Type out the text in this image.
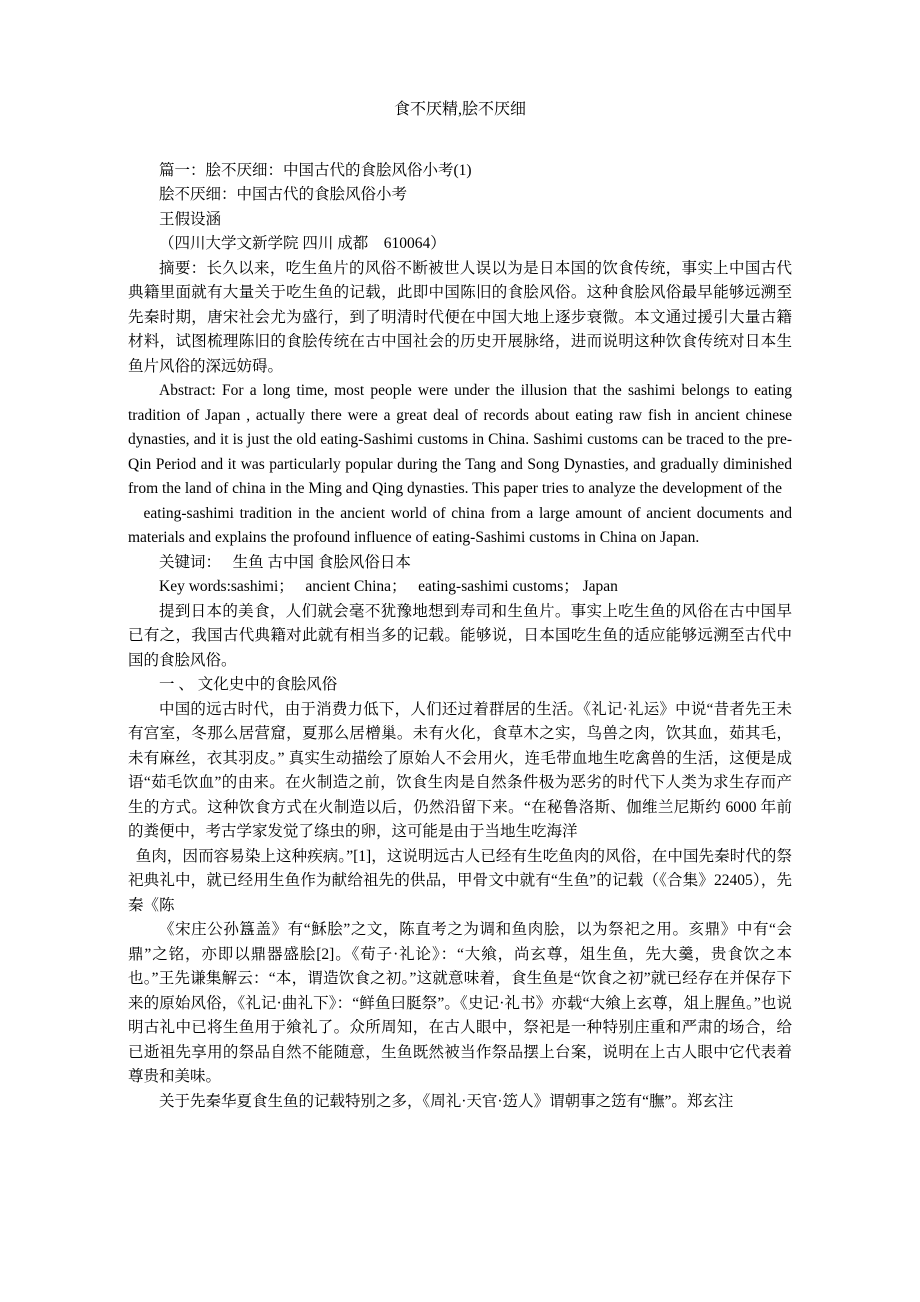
食不厌精,脍不厌细

篇一：脍不厌细：中国古代的食脍风俗小考(1)

脍不厌细：中国古代的食脍风俗小考

王假设涵

（四川大学文新学院 四川 成都　610064）

摘要：长久以来，吃生鱼片的风俗不断被世人误以为是日本国的饮食传统，事实上中国古代典籍里面就有大量关于吃生鱼的记载，此即中国陈旧的食脍风俗。这种食脍风俗最早能够远溯至先秦时期，唐宋社会尤为盛行，到了明清时代便在中国大地上逐步衰微。本文通过援引大量古籍材料，试图梳理陈旧的食脍传统在古中国社会的历史开展脉络，进而说明这种饮食传统对日本生鱼片风俗的深远妨碍。

Abstract: For a long time, most people were under the illusion that the sashimi belongs to eating tradition of Japan , actually there were a great deal of records about eating raw fish in ancient chinese dynasties, and it is just the old eating-Sashimi customs in China. Sashimi customs can be traced to the pre-Qin Period and it was particularly popular during the Tang and Song Dynasties, and gradually diminished from the land of china in the Ming and Qing dynasties. This paper tries to analyze the development of the

eating-sashimi tradition in the ancient world of china from a large amount of ancient documents and materials and explains the profound influence of eating-Sashimi customs in China on Japan.

关键词：　 生鱼 古中国 食脍风俗日本

Key words:sashimi；　 ancient China；　 eating-sashimi customs； Japan

提到日本的美食，人们就会毫不犹豫地想到寿司和生鱼片。事实上吃生鱼的风俗在古中国早已有之，我国古代典籍对此就有相当多的记载。能够说，日本国吃生鱼的适应能够远溯至古代中国的食脍风俗。

一 、 文化史中的食脍风俗

中国的远古时代，由于消费力低下，人们还过着群居的生活。《礼记·礼运》中说“昔者先王未有宫室，冬那么居营窟，夏那么居橧巢。未有火化，食草木之实，鸟兽之肉，饮其血，茹其毛，未有麻丝，衣其羽皮。” 真实生动描绘了原始人不会用火，连毛带血地生吃禽兽的生活，这便是成语“茹毛饮血”的由来。在火制造之前，饮食生肉是自然条件极为恶劣的时代下人类为求生存而产生的方式。这种饮食方式在火制造以后，仍然沿留下来。“在秘鲁洛斯、伽维兰尼斯约 6000 年前的粪便中，考古学家发觉了绦虫的卵，这可能是由于当地生吃海洋

鱼肉，因而容易染上这种疾病。”[1]，这说明远古人已经有生吃鱼肉的风俗，在中国先秦时代的祭祀典礼中，就已经用生鱼作为献给祖先的供品，甲骨文中就有“生鱼”的记载（《合集》22405），先秦《陈

《宋庄公孙簋盖》有“穌脍”之文，陈直考之为调和鱼肉脍，以为祭祀之用。亥鼎》中有“会鼎”之铭，亦即以鼎器盛脍[2]。《荀子·礼论》：“大飨，尚玄尊，俎生鱼，先大羹，贵食饮之本也。”王先谦集解云：“本，谓造饮食之初。”这就意味着，食生鱼是“饮食之初”就已经存在并保存下来的原始风俗，《礼记·曲礼下》：“鲜鱼曰脡祭”。《史记·礼书》亦载“大飨上玄尊，俎上腥鱼。”也说明古礼中已将生鱼用于飨礼了。众所周知，在古人眼中，祭祀是一种特别庄重和严肃的场合，给已逝祖先享用的祭品自然不能随意，生鱼既然被当作祭品摆上台案，说明在上古人眼中它代表着尊贵和美味。

关于先秦华夏食生鱼的记载特别之多，《周礼·天官·笾人》谓朝事之笾有“膴”。郑玄注
